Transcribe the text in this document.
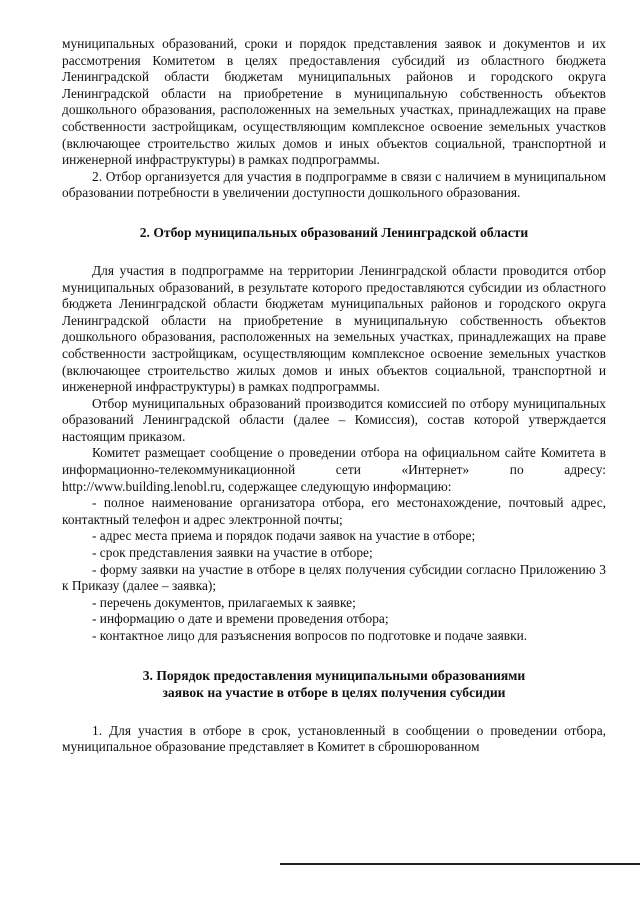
муниципальных образований, сроки и порядок представления заявок и документов и их рассмотрения Комитетом в целях предоставления субсидий из областного бюджета Ленинградской области бюджетам муниципальных районов и городского округа Ленинградской области на приобретение в муниципальную собственность объектов дошкольного образования, расположенных на земельных участках, принадлежащих на праве собственности застройщикам, осуществляющим комплексное освоение земельных участков (включающее строительство жилых домов и иных объектов социальной, транспортной и инженерной инфраструктуры) в рамках подпрограммы.

2. Отбор организуется для участия в подпрограмме в связи с наличием в муниципальном образовании потребности в увеличении доступности дошкольного образования.

2. Отбор муниципальных образований Ленинградской области

Для участия в подпрограмме на территории Ленинградской области проводится отбор муниципальных образований, в результате которого предоставляются субсидии из областного бюджета Ленинградской области бюджетам муниципальных районов и городского округа Ленинградской области на приобретение в муниципальную собственность объектов дошкольного образования, расположенных на земельных участках, принадлежащих на праве собственности застройщикам, осуществляющим комплексное освоение земельных участков (включающее строительство жилых домов и иных объектов социальной, транспортной и инженерной инфраструктуры) в рамках подпрограммы.

Отбор муниципальных образований производится комиссией по отбору муниципальных образований Ленинградской области (далее – Комиссия), состав которой утверждается настоящим приказом.

Комитет размещает сообщение о проведении отбора на официальном сайте Комитета в информационно-телекоммуникационной сети «Интернет» по адресу: http://www.building.lenobl.ru, содержащее следующую информацию:

- полное наименование организатора отбора, его местонахождение, почтовый адрес, контактный телефон и адрес электронной почты;

- адрес места приема и порядок подачи заявок на участие в отборе;

- срок представления заявки на участие в отборе;

- форму заявки на участие в отборе в целях получения субсидии согласно Приложению 3 к Приказу (далее – заявка);

- перечень документов, прилагаемых к заявке;

- информацию о дате и времени проведения отбора;

- контактное лицо для разъяснения вопросов по подготовке и подаче заявки.

3. Порядок предоставления муниципальными образованиями

заявок на участие в отборе в целях получения субсидии

1. Для участия в отборе в срок, установленный в сообщении о проведении отбора, муниципальное образование представляет в Комитет в сброшюрованном
